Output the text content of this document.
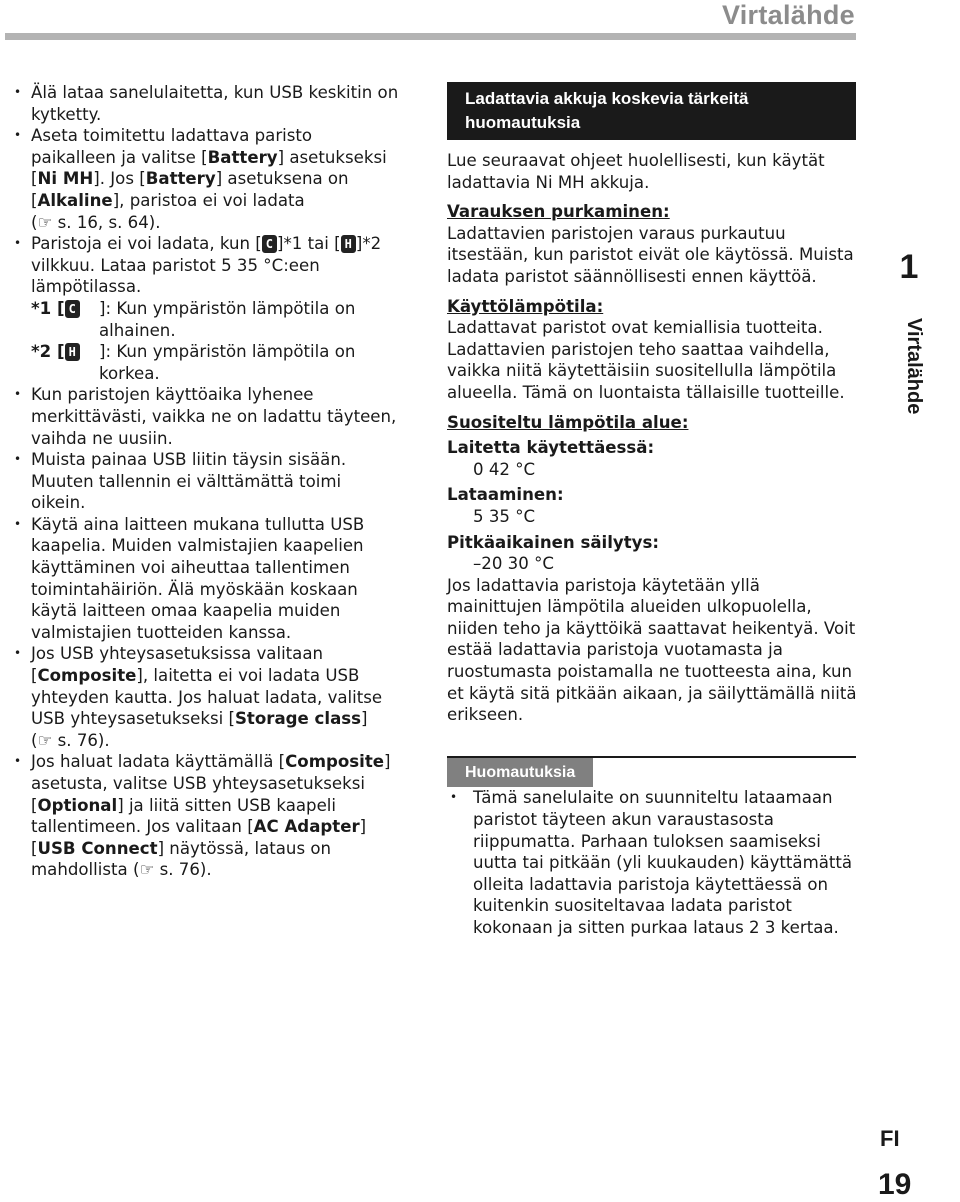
Virtalähde
• Älä lataa sanelulaitetta, kun USB keskitin on kytketty.
• Aseta toimitettu ladattava paristo paikalleen ja valitse [Battery] asetukseksi [Ni MH]. Jos [Battery] asetuksena on [Alkaline], paristoa ei voi ladata
(☞ s. 16, s. 64).
• Paristoja ei voi ladata, kun [ C ]*1 tai [ H ]*2 vilkkuu. Lataa paristot 5 35 °C:een lämpötilassa.
*1 [ C ]: Kun ympäristön lämpötila on
alhainen.
*2 [ H ]: Kun ympäristön lämpötila on
korkea.
• Kun paristojen käyttöaika lyhenee merkittävästi, vaikka ne on ladattu täyteen, vaihda ne uusiin.
• Muista painaa USB liitin täysin sisään. Muuten tallennin ei välttämättä toimi oikein.
• Käytä aina laitteen mukana tullutta USB kaapelia. Muiden valmistajien kaapelien käyttäminen voi aiheuttaa tallentimen toimintahäiriön. Älä myöskään koskaan käytä laitteen omaa kaapelia muiden valmistajien tuotteiden kanssa.
• Jos USB yhteysasetuksissa valitaan [Composite], laitetta ei voi ladata USB yhteyden kautta. Jos haluat ladata, valitse USB yhteysasetukseksi [Storage class]
(☞ s. 76).
• Jos haluat ladata käyttämällä [Composite] asetusta, valitse USB yhteysasetukseksi [Optional] ja liitä sitten USB kaapeli tallentimeen. Jos valitaan [AC Adapter] [USB Connect] näytössä, lataus on mahdollista (☞ s. 76).
Ladattavia akkuja koskevia tärkeitä huomautuksia

Lue seuraavat ohjeet huolellisesti, kun käytät ladattavia Ni MH akkuja.

Varauksen purkaminen:

Ladattavien paristojen varaus purkautuu itsestään, kun paristot eivät ole käytössä. Muista ladata paristot säännöllisesti ennen käyttöä.

Käyttölämpötila:

Ladattavat paristot ovat kemiallisia tuotteita. Ladattavien paristojen teho saattaa vaihdella, vaikka niitä käytettäisiin suositellulla lämpötila alueella. Tämä on luontaista tällaisille tuotteille.

Suositeltu lämpötila alue:
Laitetta käytettäessä:
0 42 °C
Lataaminen:
5 35 °C
Pitkäaikainen säilytys:
–20 30 °C

Jos ladattavia paristoja käytetään yllä mainittujen lämpötila alueiden ulkopuolella, niiden teho ja käyttöikä saattavat heikentyä. Voit estää ladattavia paristoja vuotamasta ja ruostumasta poistamalla ne tuotteesta aina, kun et käytä sitä pitkään aikaan, ja säilyttämällä niitä erikseen.

Huomautuksia
• Tämä sanelulaite on suunniteltu lataamaan paristot täyteen akun varaustasosta riippumatta. Parhaan tuloksen saamiseksi uutta tai pitkään (yli kuukauden) käyttämättä olleita ladattavia paristoja käytettäessä on kuitenkin suositeltavaa ladata paristot kokonaan ja sitten purkaa lataus 2 3 kertaa.
1
Virtalähde
FI
19
